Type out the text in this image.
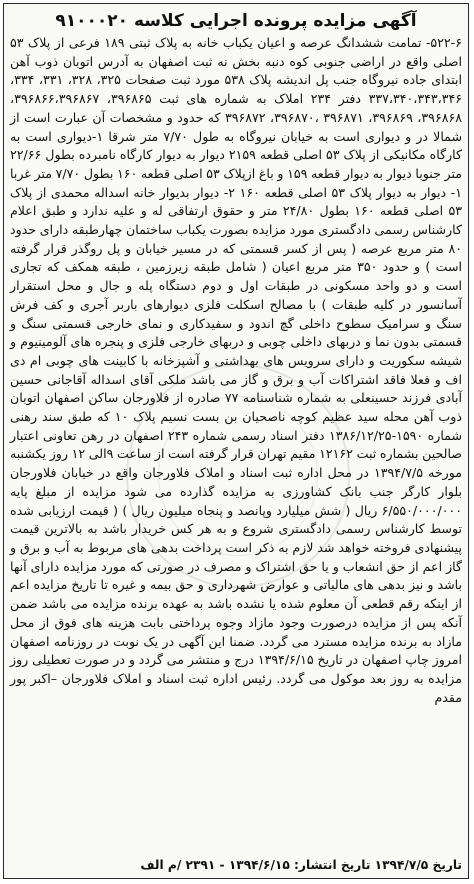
آگهی مزایده پرونده اجرایی کلاسه ۹۱۰۰۰۲۰
۵۲۲-۶- تمامت ششدانگ عرصه و اعیان یکباب خانه به پلاک ثبتی ۱۸۹ فرعی از پلاک ۵۳ اصلی واقع در اراضی جنوبی کوه دنبه بخش نه ثبت اصفهان به آدرس اتوبان ذوب آهن ابتدای جاده نیروگاه جنب پل اندیشه پلاک ۵۳۸ مورد ثبت صفحات ۳۲۵، ۳۲۸، ۳۳۱، ۳۳۴، ۳۳۷،۳۴۰،۳۴۳،۳۴۶ دفتر ۲۳۴ املاک به شماره های ثبت ۳۹۶۸۶۵، ۳۹۶۸۶۶،۳۹۶۸۶۷، ۳۹۶۸۶۸، ۳۹۶۸۶۹، ۳۹۶۸۷۱ ،۳۹۶۸۷۰، ۳۹۶۸۷۲ که حدود و مشخصات آن عبارت است از شمالا در و دیواری است به خیابان نیروگاه به طول ۷/۷۰ متر شرقا ۱-دیواری است به کارگاه مکانیکی از پلاک ۵۳ اصلی قطعه ۲۱۵۹ دیوار به دیوار کارگاه نامبرده بطول ۲۲/۶۶ متر جنوبا دیوار به دیوار قطعه ۱۵۹ و باغ ازپلاک ۵۳ اصلی قطعه ۱۶۰ بطول ۷/۷۰ متر غربا ۱- دیوار به دیوار پلاک ۵۳ اصلی قطعه ۱۶۰ ۲- دیوار بدیوار خانه اسداله محمدی از پلاک ۵۳ اصلی قطعه ۱۶۰ بطول ۲۴/۸۰ متر و حقوق ارتفاقی له و علیه ندارد و طبق اعلام کارشناس رسمی دادگستری مورد مزایده بصورت یکباب ساختمان چهارطبقه دارای حدود ۸۰ متر مربع عرصه ( پس از کسر قسمتی که در مسیر خیابان و پل روگذر قرار گرفته است ) و حدود ۳۵۰ متر مربع اعیان ( شامل طبقه زیرزمین ، طبقه همکف که تجاری است و دو واحد مسکونی در طبقات اول و دوم دستگاه پله و جال و محل استقرار آسانسور در کلیه طبقات ) با مصالح اسکلت فلزی دیوارهای باربر آجری و کف فرش سنگ و سرامیک سطوح داخلی گچ اندود و سفیدکاری و نمای خارجی قسمتی سنگ و قسمتی بدون نما و دربهای داخلی چوبی و دربهای خارجی فلزی و پنجره های آلومینیوم و شیشه سکوریت و دارای سرویس های بهداشتی و آشپزخانه با کابینت های چوبی ام دی اف و فعلا فاقد اشتراکات آب و برق و گاز می باشد ملکی آقای اسداله آقاجانی حسین آبادی فرزند حسینعلی به شماره شناسنامه ۷۷ صادره از فلاورجان ساکن اصفهان اتوبان ذوب آهن محله سید عظیم کوچه ناصحیان بن بست نسیم پلاک ۱۰ که طبق سند رهنی شماره ۱۵۹۰-۱۳۸۶/۱۲/۲۵ دفتر اسناد رسمی شماره ۲۴۳ اصفهان در رهن تعاونی اعتبار صالحین بشماره ثبت ۱۲۱۶۲ مقیم تهران قرار گرفته است از ساعت ۹الی ۱۲ روز یکشنبه مورخه ۱۳۹۴/۷/۵ در محل اداره ثبت اسناد و املاک فلاورجان واقع در خیابان فلاورجان بلوار کارگر جنب بانک کشاورزی به مزایده گذارده می شود مزایده از مبلغ پایه ۶/۵۵۰/۰۰۰/۰۰۰ ریال ( شش میلیارد وپانصد و پنجاه میلیون ریال ) ( قیمت ارزیابی شده توسط کارشناس رسمی دادگستری شروع و به هر کس خریدار باشد به بالاترین قیمت پیشنهادی فروخته خواهد شد لازم به ذکر است پرداخت بدهی های مربوط به آب و برق و گاز اعم از حق انشعاب و یا حق اشتراک و مصرف در صورتی که مورد مزایده دارای آنها باشد و نیز بدهی های مالیاتی و عوارض شهرداری و حق بیمه و غیره تا تاریخ مزایده اعم از اینکه رقم قطعی آن معلوم شده یا نشده باشد به عهده برنده مزایده می باشد ضمن آنکه پس از مزایده درصورت وجود مازاد وجوه پرداختی بابت هزینه های فوق از محل مازاد به برنده مزایده مسترد می گردد. ضمنا این آگهی در یک نوبت در روزنامه اصفهان امروز چاپ اصفهان در تاریخ ۱۳۹۴/۶/۱۵ درج و منتشر می گردد و در صورت تعطیلی روز مزایده به روز بعد موکول می گردد. رئیس اداره ثبت اسناد و املاک فلاورجان –اکبر پور مقدم
تاریخ ۱۳۹۴/۷/۵ تاریخ انتشار: ۱۳۹۴/۶/۱۵ - ۲۳۹۱ /م الف
